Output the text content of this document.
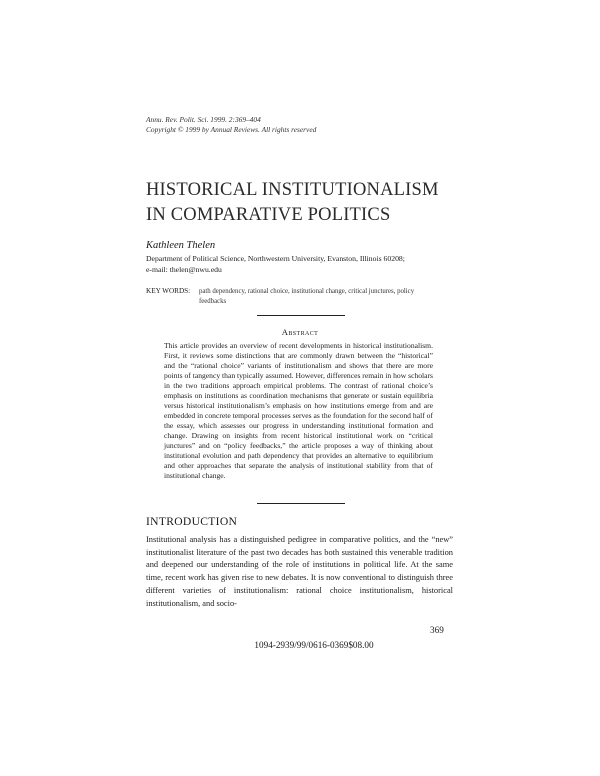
Annu. Rev. Polit. Sci. 1999. 2:369–404
Copyright © 1999 by Annual Reviews. All rights reserved
HISTORICAL INSTITUTIONALISM
IN COMPARATIVE POLITICS
Kathleen Thelen
Department of Political Science, Northwestern University, Evanston, Illinois 60208;
e-mail: thelen@nwu.edu
KEY WORDS: path dependency, rational choice, institutional change, critical junctures, policy feedbacks
Abstract
This article provides an overview of recent developments in historical institutionalism. First, it reviews some distinctions that are commonly drawn between the “historical” and the “rational choice” variants of institutionalism and shows that there are more points of tangency than typically assumed. However, differences remain in how scholars in the two traditions approach empirical problems. The contrast of rational choice’s emphasis on institutions as coordination mechanisms that generate or sustain equilibria versus historical institutionalism’s emphasis on how institutions emerge from and are embedded in concrete temporal processes serves as the foundation for the second half of the essay, which assesses our progress in understanding institutional formation and change. Drawing on insights from recent historical institutional work on “critical junctures” and on “policy feedbacks,” the article proposes a way of thinking about institutional evolution and path dependency that provides an alternative to equilibrium and other approaches that separate the analysis of institutional stability from that of institutional change.
INTRODUCTION
Institutional analysis has a distinguished pedigree in comparative politics, and the “new” institutionalist literature of the past two decades has both sustained this venerable tradition and deepened our understanding of the role of institutions in political life. At the same time, recent work has given rise to new debates. It is now conventional to distinguish three different varieties of institutionalism: rational choice institutionalism, historical institutionalism, and socio-
369
1094-2939/99/0616-0369$08.00
